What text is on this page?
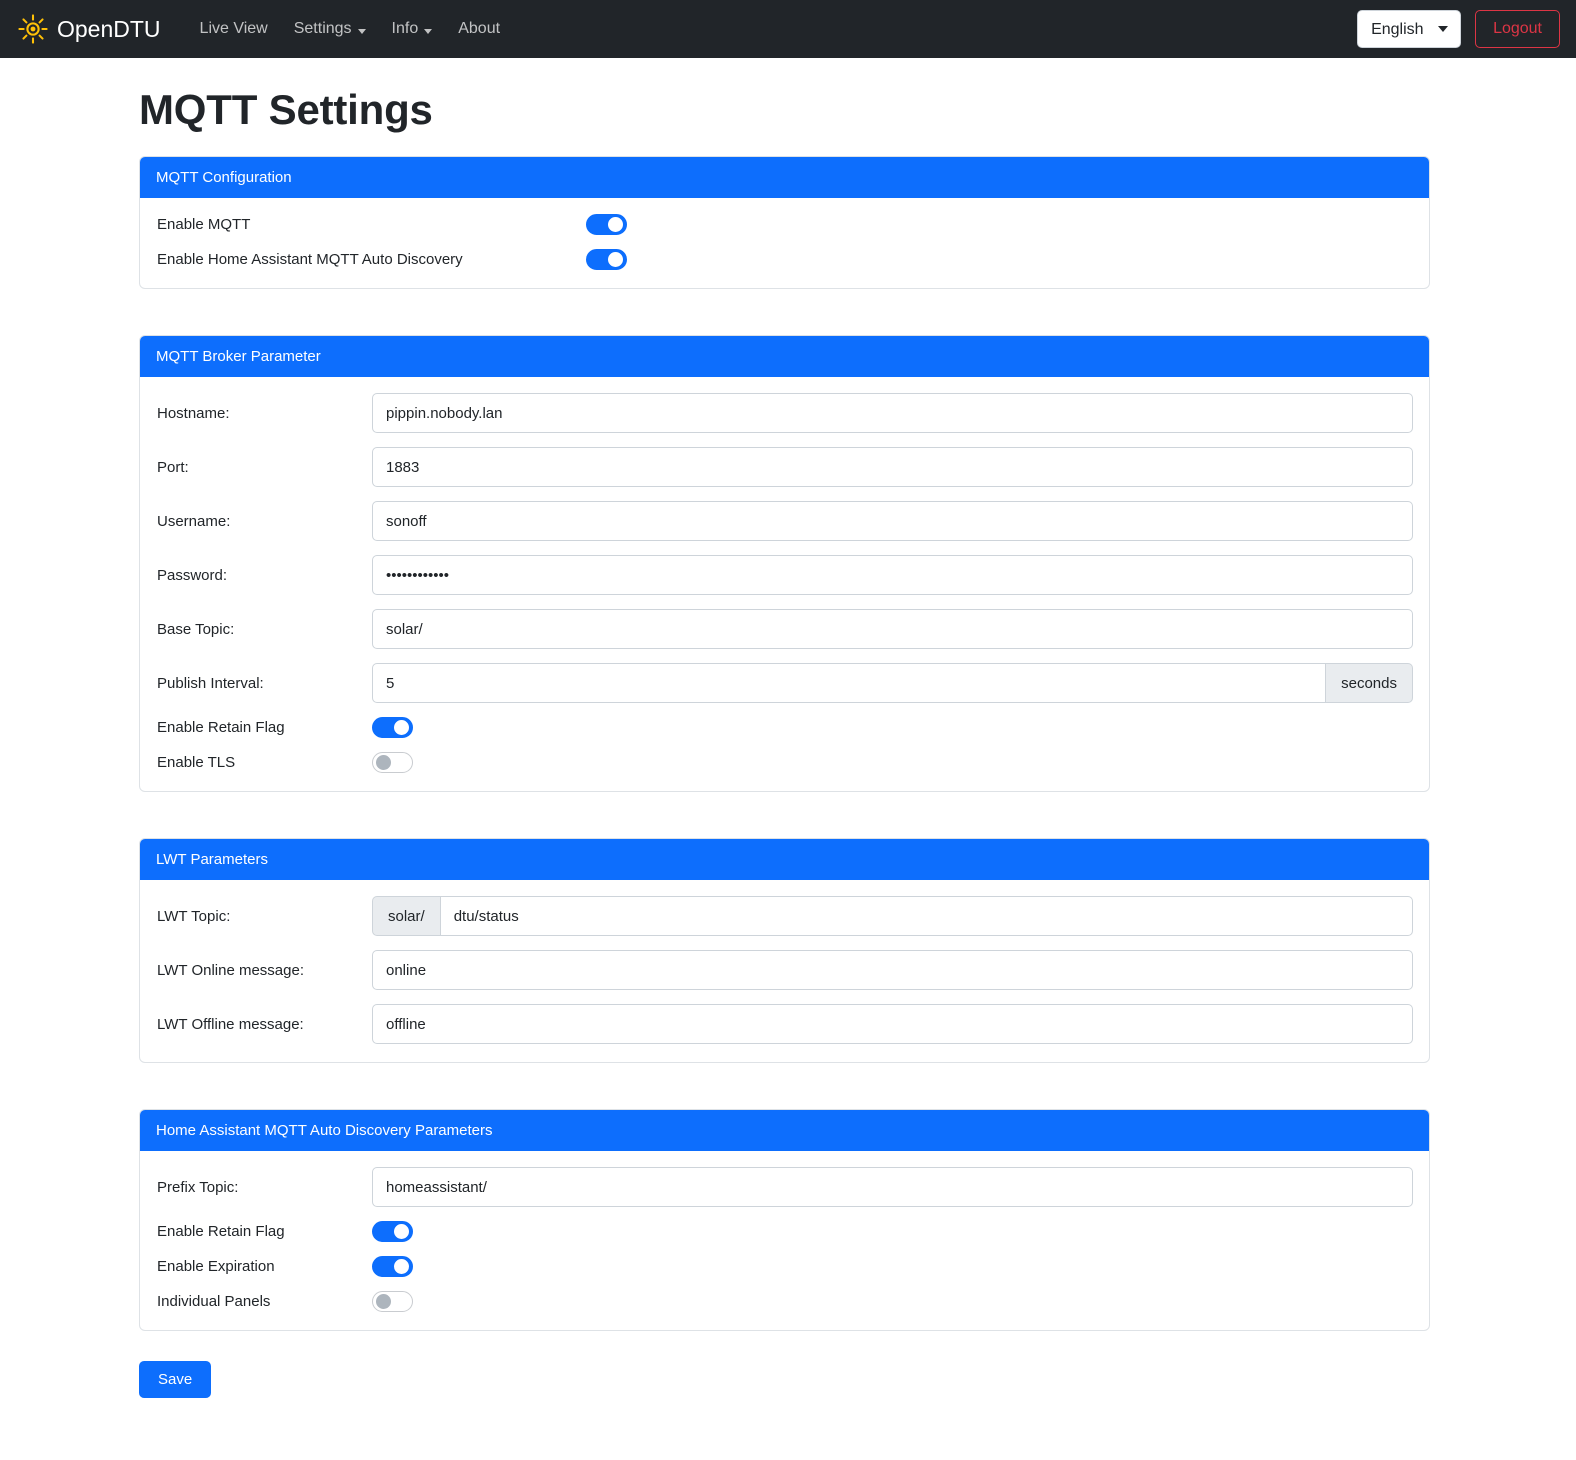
OpenDTU Live View Settings	Info	About
English	Logout
MQTT Settings
MQTT Configuration
Enable MQTT
Enable Home Assistant MQTT Auto Discovery
MQTT Broker Parameter
Hostname:
pippin.nobody.lan
Port:
1883
Username:
sonoff
Password:
••••••••••••
Base Topic:
solar/
Publish Interval:
5	seconds
Enable Retain Flag
Enable TLS
LWT Parameters
LWT Topic:	solar/
dtu/status
LWT Online message:
online
LWT Offline message:
offline
Home Assistant MQTT Auto Discovery Parameters
Prefix Topic:
homeassistant/
Enable Retain Flag
Enable Expiration
Individual Panels
Save
